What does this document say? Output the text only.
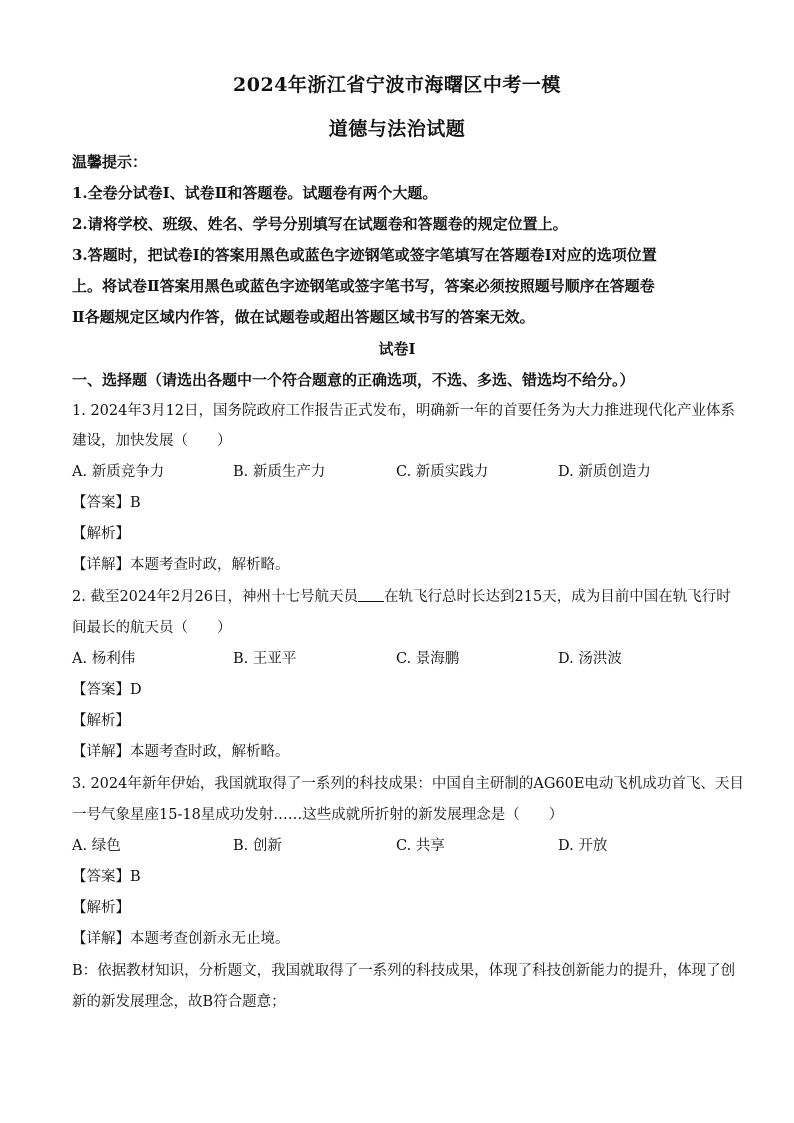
2024年浙江省宁波市海曙区中考一模
道德与法治试题
温馨提示：
1.全卷分试卷Ⅰ、试卷Ⅱ和答题卷。试题卷有两个大题。
2.请将学校、班级、姓名、学号分别填写在试题卷和答题卷的规定位置上。
3.答题时，把试卷Ⅰ的答案用黑色或蓝色字迹钢笔或签字笔填写在答题卷Ⅰ对应的选项位置
上。将试卷Ⅱ答案用黑色或蓝色字迹钢笔或签字笔书写，答案必须按照题号顺序在答题卷
Ⅱ各题规定区域内作答，做在试题卷或超出答题区域书写的答案无效。
试卷Ⅰ
一、选择题（请选出各题中一个符合题意的正确选项，不选、多选、错选均不给分。）
1. 2024年3月12日，国务院政府工作报告正式发布，明确新一年的首要任务为大力推进现代化产业体系
建设，加快发展（　　）
A. 新质竞争力	B. 新质生产力	C. 新质实践力	D. 新质创造力
【答案】B
【解析】
【详解】本题考查时政，解析略。
2. 截至2024年2月26日，神州十七号航天员 在轨飞行总时长达到215天，成为目前中国在轨飞行时
间最长的航天员（　　）
A. 杨利伟	B. 王亚平	C. 景海鹏	D. 汤洪波
【答案】D
【解析】
【详解】本题考查时政，解析略。
3. 2024年新年伊始，我国就取得了一系列的科技成果：中国自主研制的AG60E电动飞机成功首飞、天目
一号气象星座15-18星成功发射……这些成就所折射的新发展理念是（　　）
A. 绿色	B. 创新	C. 共享	D. 开放
【答案】B
【解析】
【详解】本题考查创新永无止境。
B：依据教材知识，分析题文，我国就取得了一系列的科技成果，体现了科技创新能力的提升，体现了创
新的新发展理念，故B符合题意；
